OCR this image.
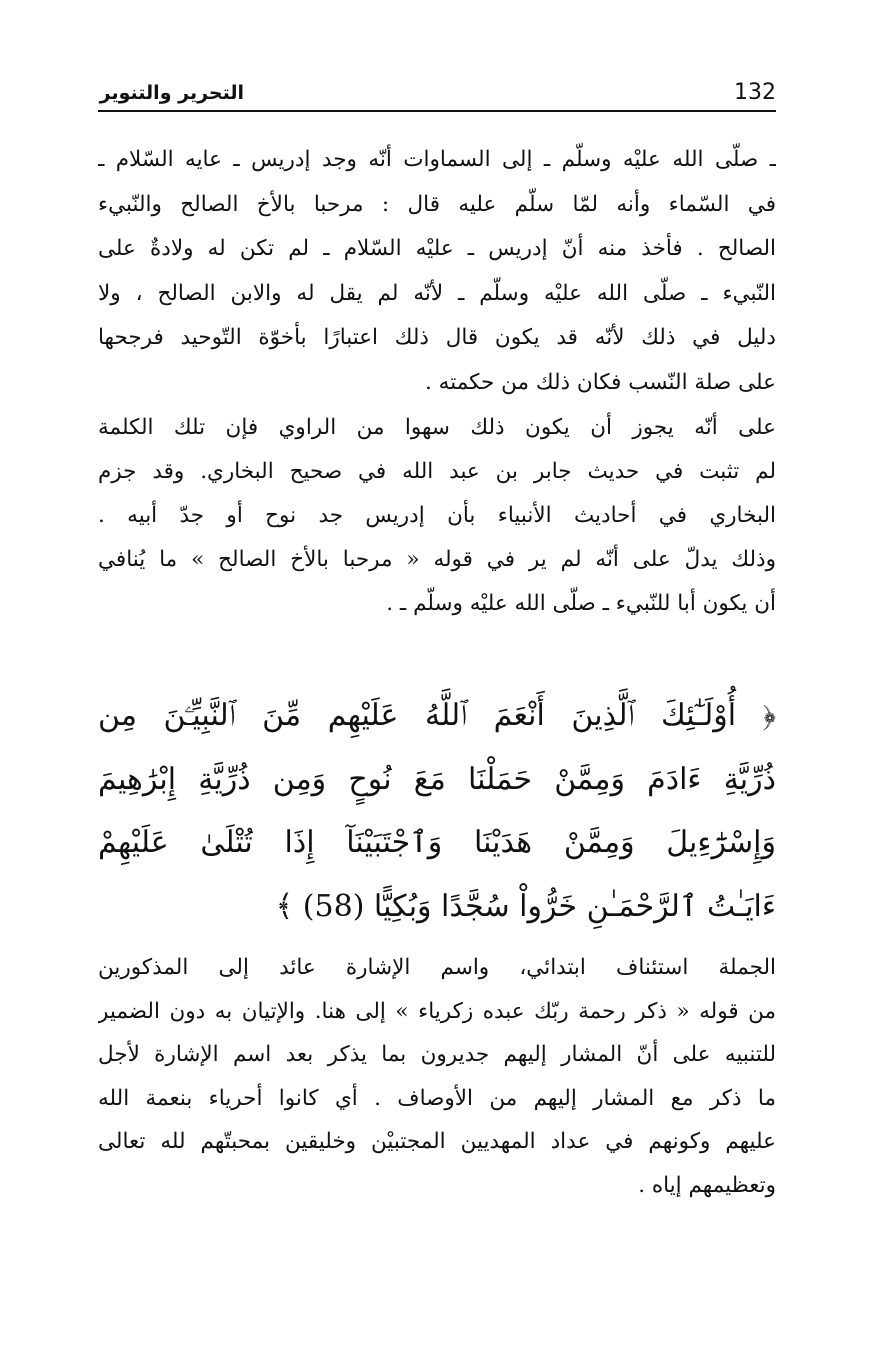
132
التحرير والتنوير
ـ صلّى الله عليْه وسلّم ـ إلى السماوات أنّه وجد إدريس ـ عايه السّلام ـ
في السّماء وأنه لمّا سلّم عليه قال : مرحبا بالأخ الصالح والنّبيء
الصالح . فأخذ منه أنّ إدريس ـ عليْه السّلام ـ لم تكن له ولادةٌ على
النّبيء ـ صلّى الله عليْه وسلّم ـ لأنّه لم يقل له والابن الصالح ، ولا
دليل في ذلك لأنّه قد يكون قال ذلك اعتبارًا بأخوّة التّوحيد فرجحها
على صلة النّسب فكان ذلك من حكمته .
على أنّه يجوز أن يكون ذلك سهوا من الراوي فإن تلك الكلمة
لم تثبت في حديث جابر بن عبد الله في صحيح البخاري. وقد جزم
البخاري في أحاديث الأنبياء بأن إدريس جد نوح أو جدّ أبيه .
وذلك يدلّ على أنّه لم ير في قوله « مرحبا بالأخ الصالح » ما يُنافي
أن يكون أبا للنّبيء ـ صلّى الله عليْه وسلّم ـ .
﴿ أُوْلَـٰٓئِكَ ٱلَّذِينَ أَنْعَمَ ٱللَّهُ عَلَيْهِم مِّنَ ٱلنَّبِيِّـۧنَ مِن
ذُرِّيَّةِ ءَادَمَ وَمِمَّنْ حَمَلْنَا مَعَ نُوحٍ وَمِن ذُرِّيَّةِ إِبْرَٰهِيمَ
وَإِسْرَٰٓءِيلَ وَمِمَّنْ هَدَيْنَا وَٱجْتَبَيْنَآ إِذَا تُتْلَىٰ عَلَيْهِمْ
ءَايَـٰتُ ٱلرَّحْمَـٰنِ خَرُّواْ سُجَّدًا وَبُكِيًّا (58) ﴾
الجملة استئناف ابتدائي، واسم الإشارة عائد إلى المذكورين
من قوله « ذكر رحمة ربّك عبده زكرياء » إلى هنا. والإتيان به دون الضمير
للتنبيه على أنّ المشار إليهم جديرون بما يذكر بعد اسم الإشارة لأجل
ما ذكر مع المشار إليهم من الأوصاف . أي كانوا أحرياء بنعمة الله
عليهم وكونهم في عداد المهديين المجتبيْن وخليقين بمحبتّهم لله تعالى
وتعظيمهم إياه .
